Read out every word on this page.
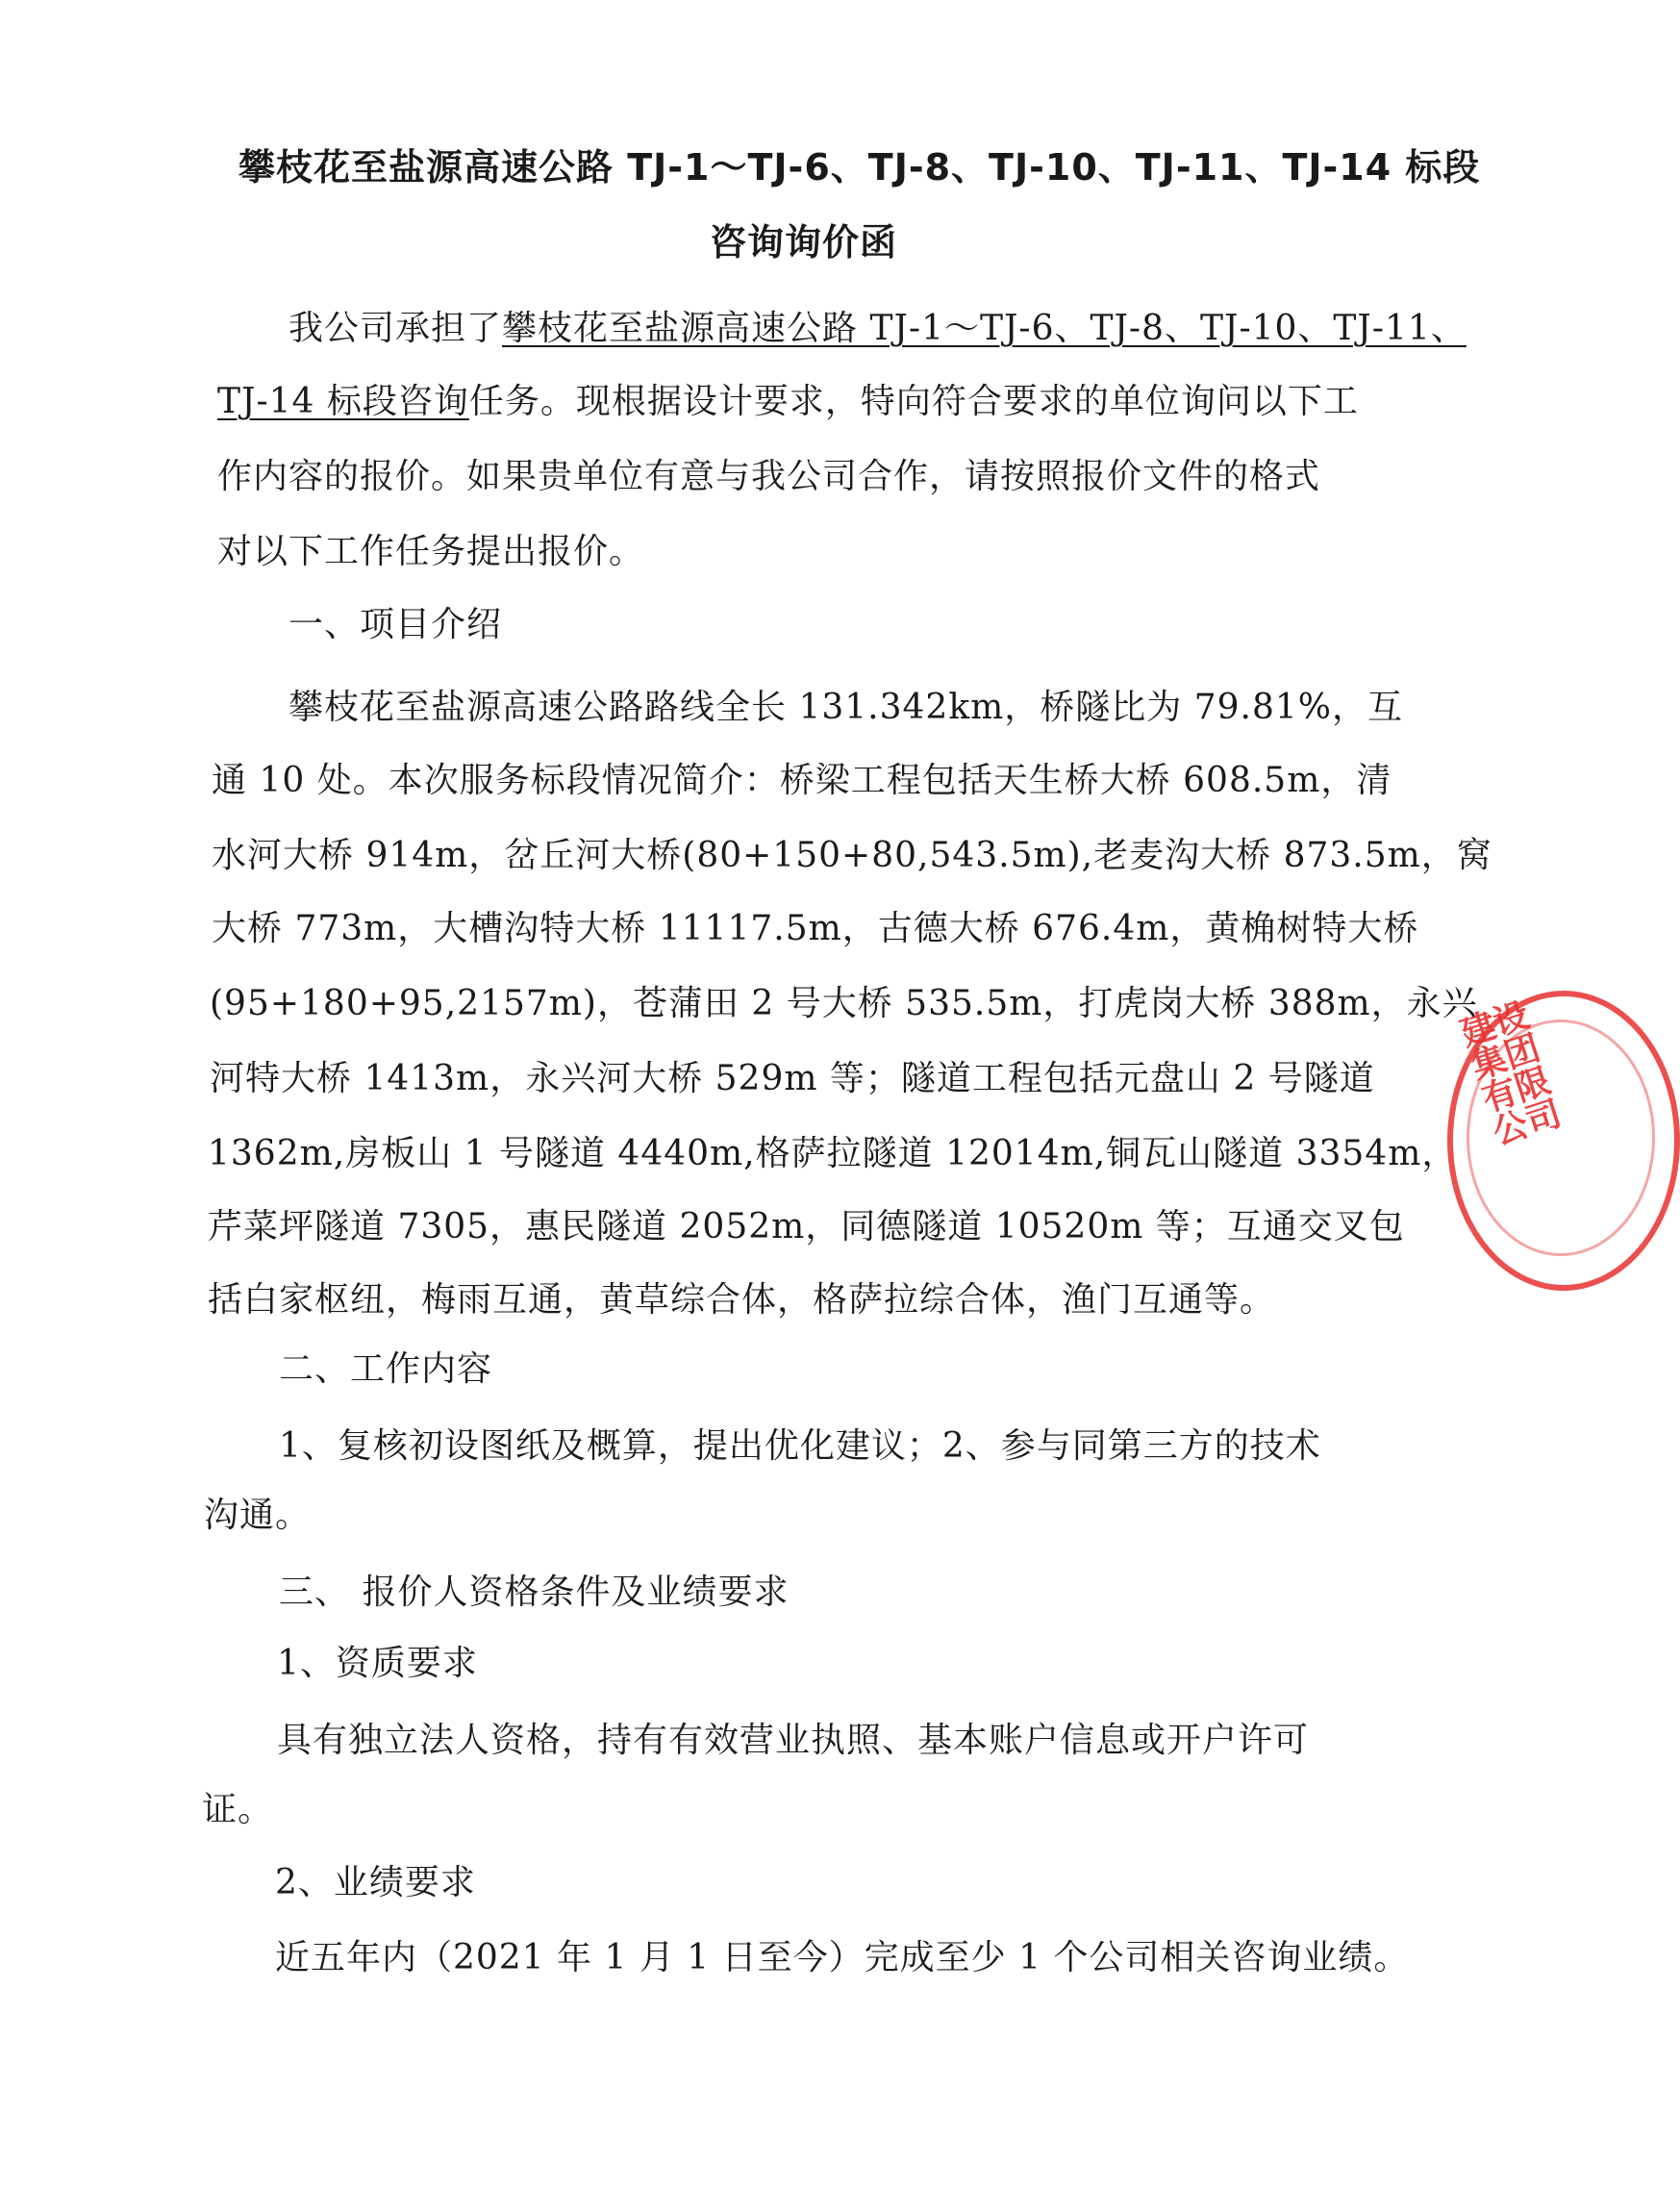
攀枝花至盐源高速公路 TJ-1～TJ-6、TJ-8、TJ-10、TJ-11、TJ-14 标段
咨询询价函
我公司承担了攀枝花至盐源高速公路 TJ-1～TJ-6、TJ-8、TJ-10、TJ-11、
TJ-14 标段咨询任务。现根据设计要求，特向符合要求的单位询问以下工
作内容的报价。如果贵单位有意与我公司合作，请按照报价文件的格式
对以下工作任务提出报价。
一、项目介绍
攀枝花至盐源高速公路路线全长 131.342km，桥隧比为 79.81%，互
通 10 处。本次服务标段情况简介：桥梁工程包括天生桥大桥 608.5m，清
水河大桥 914m，岔丘河大桥(80+150+80,543.5m),老麦沟大桥 873.5m，窝
大桥 773m，大槽沟特大桥 11117.5m，古德大桥 676.4m，黄桷树特大桥
(95+180+95,2157m)，苍蒲田 2 号大桥 535.5m，打虎岗大桥 388m，永兴
河特大桥 1413m，永兴河大桥 529m 等；隧道工程包括元盘山 2 号隧道
1362m,房板山 1 号隧道 4440m,格萨拉隧道 12014m,铜瓦山隧道 3354m，
芹菜坪隧道 7305，惠民隧道 2052m，同德隧道 10520m 等；互通交叉包
括白家枢纽，梅雨互通，黄草综合体，格萨拉综合体，渔门互通等。
二、工作内容
1、复核初设图纸及概算，提出优化建议；2、参与同第三方的技术
沟通。
三、 报价人资格条件及业绩要求
1、资质要求
具有独立法人资格，持有有效营业执照、基本账户信息或开户许可
证。
2、业绩要求
近五年内（2021 年 1 月 1 日至今）完成至少 1 个公司相关咨询业绩。
建设集团有限公司
